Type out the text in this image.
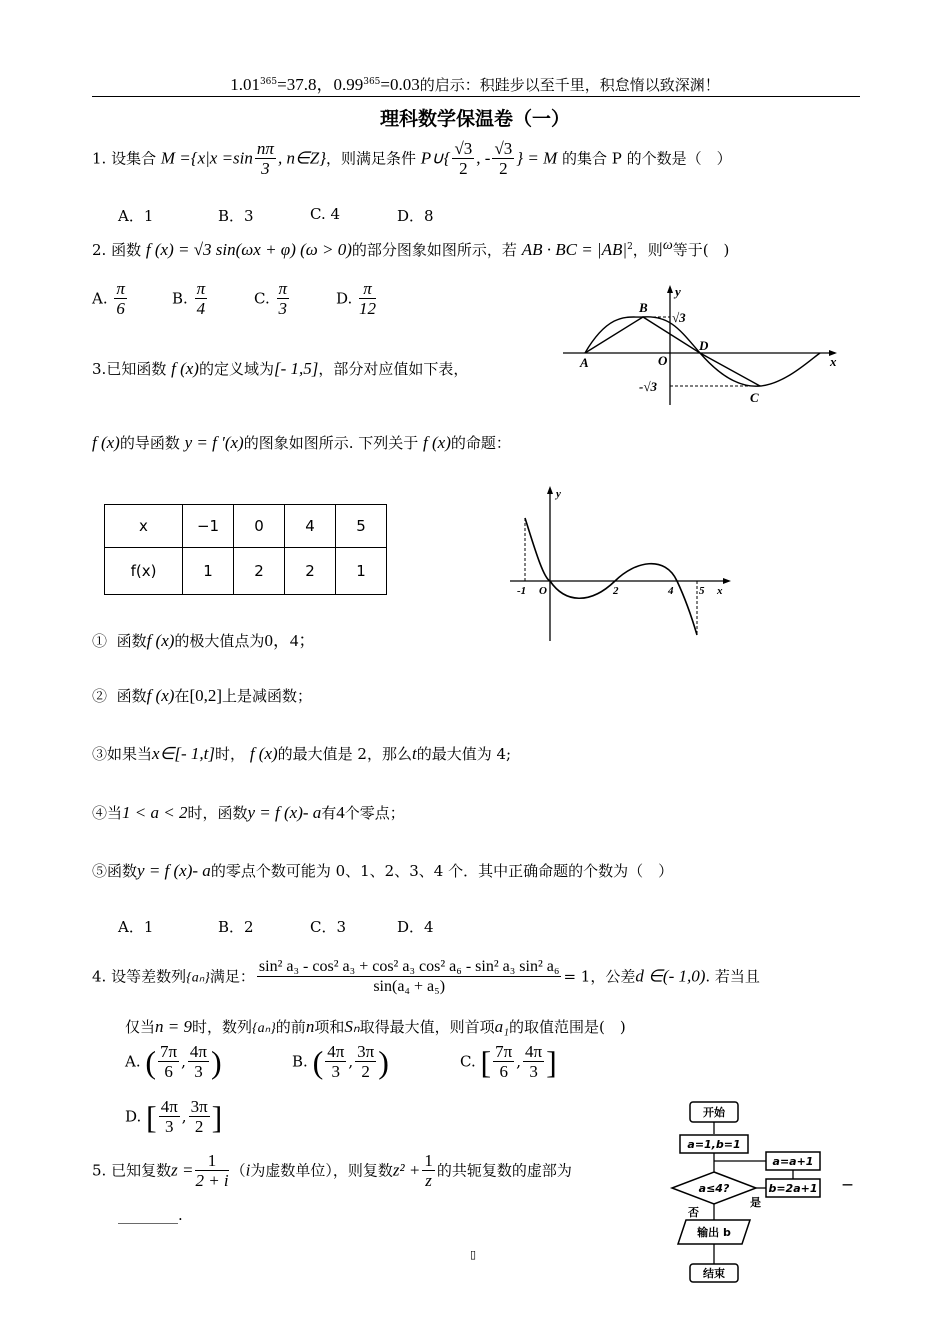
$1.01^{365}=37.8$，$0.99^{365}=0.03$的启示：积跬步以至千里，积怠惰以致深渊！
理科数学保温卷（一）
1. 设集合 $M =\{x|x =\sin \frac{n\pi}{3}$ , n∈Z}，则满足条件 P∪{ $\frac{√3}{2}$ , - $\frac{√3}{2}$ } = M 的集合 P 的个数是（　）
A．1	B．3	C. 4	D．8
2. 函数 f (x) = √3 sin(ωx + φ) (ω > 0)的部分图象如图所示，若 AB · BC = $|AB|^2$，则ω等于(　)
A. $\frac{\pi}{6}$	B. $\frac{\pi}{4}$	C. $\frac{\pi}{3}$	D. $\frac{\pi}{12}$	B
y
√3
A	O
D
x
-√3
C
3.已知函数 f (x)的定义域为[- 1,5]，部分对应值如下表，
f (x)的导函数 y = f ′(x)的图象如图所示. 下列关于 f (x)的命题：
x	−1	0	4	5
f(x)	1	2	2	1
y
-1 O	2	4 5 x
① 函数f (x)的极大值点为0，4；
② 函数f (x)在[0,2]上是减函数；
③如果当x∈[- 1,t]时， f (x)的最大值是 2，那么t的最大值为 4;
④当1 < a < 2时，函数y = f (x)- a有4个零点；
⑤函数y = f (x)- a的零点个数可能为 0、1、2、3、4 个．其中正确命题的个数为（　）
A．1	B．2	C．3	D．4
4. 设等差数列{aₙ}满足： $\frac{\text{sin² a₃ - cos² a₃ + cos² a₃ cos² a₆ - sin² a₃ sin² a₆}}{\text{sin(a₄ + a₅)}} = 1$，公差d ∈(- 1,0). 若当且
仅当n = 9时，数列{aₙ}的前n项和Sₙ取得最大值，则首项a₁的取值范围是(　)
A. ( $\frac{7\pi}{6}$ , $\frac{4\pi}{3}$ )	B. ( $\frac{4\pi}{3}$ , $\frac{3\pi}{2}$ )	C. [ $\frac{7\pi}{6}$ , $\frac{4\pi}{3}$ ]
D. [ $\frac{4\pi}{3}$ , $\frac{3\pi}{2}$ ]
5. 已知复数$z = \frac{1}{2 + i} (i$为虚数单位），则复数$z^2 + \frac{1}{z}$ 的共轭复数的虚部为
________.
开始
a=1,b=1
a≤4?	b=2a+1
是
a=a+1
否
输出 b
结束
—
▯
